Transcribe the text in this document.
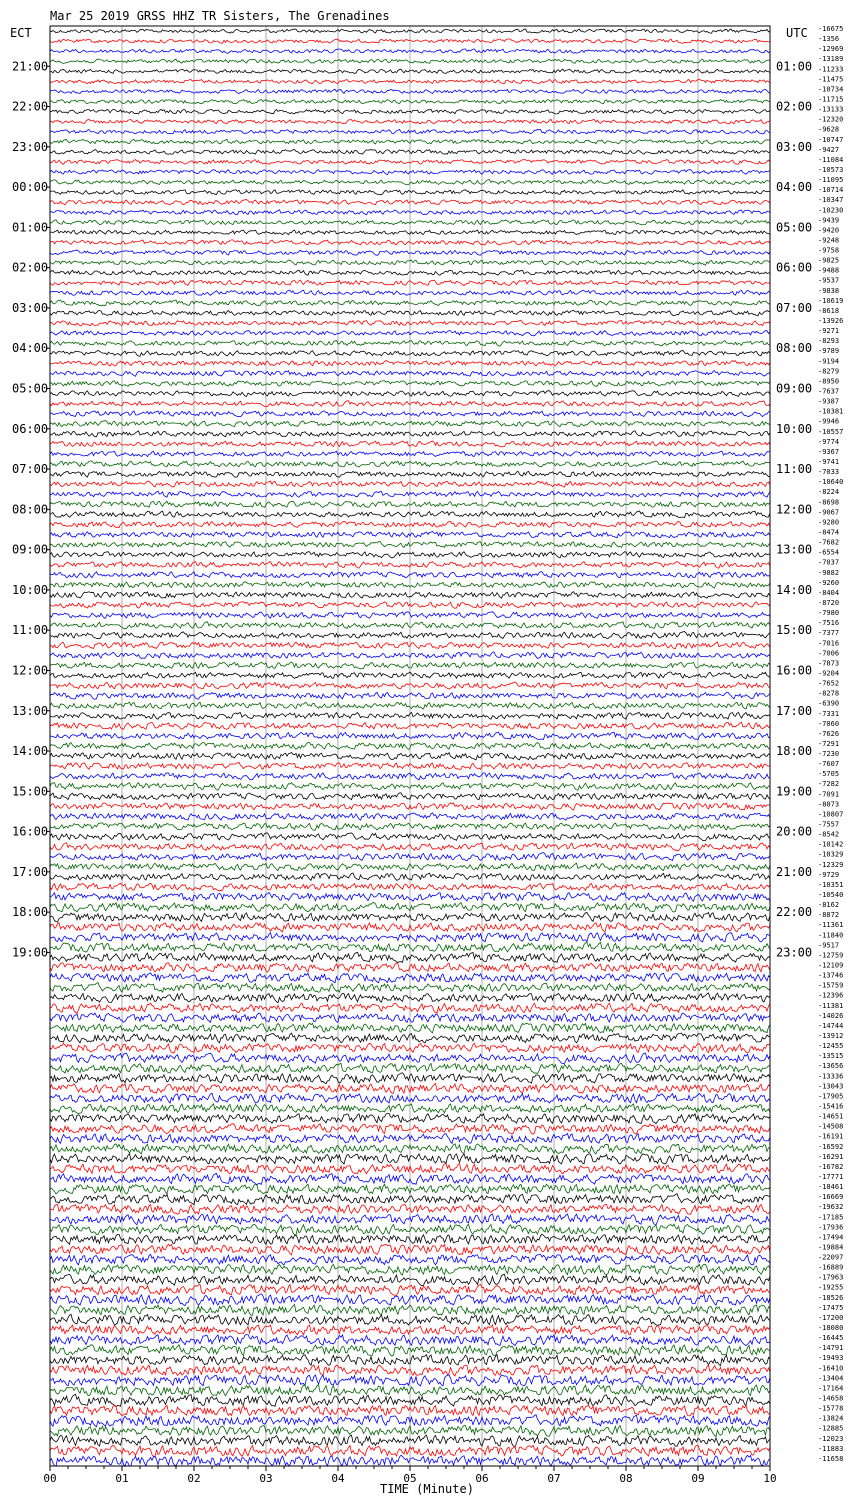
Mar 25 2019 GRSS HHZ TR Sisters, The Grenadines
ECT	UTC
TIME (Minute)
00	01	02	03	04	05	06	07	08	09	10
21:00
22:00
23:00
00:00
01:00
02:00
03:00
04:00
05:00
06:00
07:00
08:00
09:00
10:00
11:00
12:00
13:00
14:00
15:00
16:00
17:00
18:00
19:00
01:00
02:00
03:00
04:00
05:00
06:00
07:00
08:00
09:00
10:00
11:00
12:00
13:00
14:00
15:00
16:00
17:00
18:00
19:00
20:00
21:00
22:00
23:00
-16675
-1356
-12969
-13189
-11233
-11475
-10734
-11715
-13133
-12320
-9628
-10747
-9427
-11084
-10573
-11095
-10714
-10347
-10230
-9439
-9420
-9248
-9758
-9825
-9488
-9537
-9838
-10619
-8618
-13926
-9271
-8293
-9789
-9194
-8279
-8950
-7637
-9387
-10381
-9946
-10557
-9774
-9367
-9741
-7033
-10640
-8224
-8698
-9067
-9280
-8474
-7682
-6554
-7037
-9882
-9260
-8404
-8720
-7980
-7516
-7377
-7016
-7006
-7873
-9204
-7652
-8278
-6390
-7331
-7060
-7626
-7291
-7230
-7607
-5705
-7282
-7091
-8073
-10807
-7557
-8542
-10142
-10329
-12329
-9729
-10351
-10540
-8162
-8872
-11361
-11840
-9517
-12759
-12109
-13746
-15759
-12396
-11381
-14026
-14744
-13912
-12455
-13515
-13656
-13336
-13043
-17905
-15416
-14651
-14508
-16191
-16592
-16291
-16782
-17771
-18461
-16669
-19632
-17185
-17936
-17494
-19884
-22097
-16889
-17963
-19255
-18526
-17475
-17200
-18080
-16445
-14791
-19493
-16410
-13404
-17164
-14658
-15778
-13824
-12885
-12023
-11883
-11658
